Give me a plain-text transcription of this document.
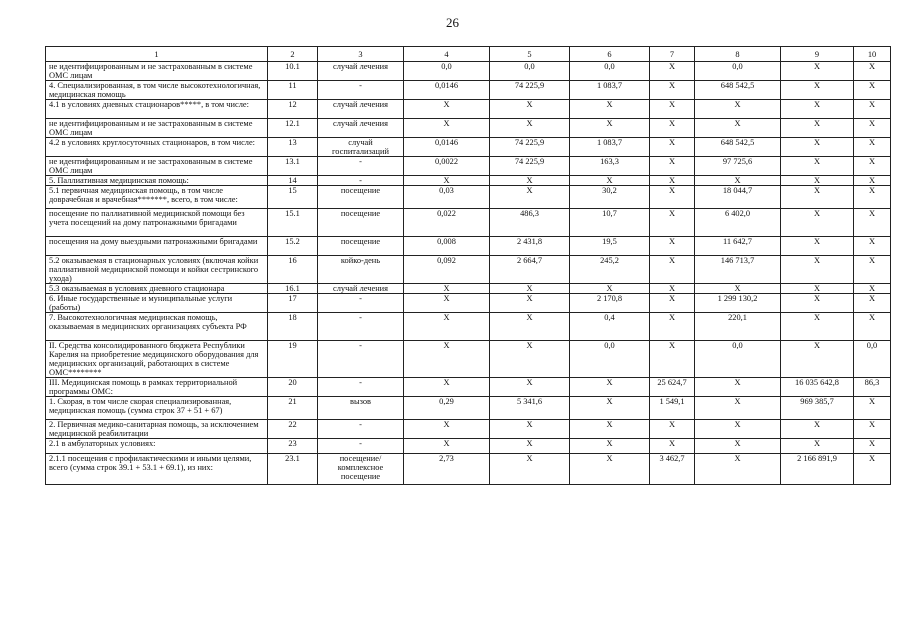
26
1	2	3	4	5	6	7	8	9	10
не идентифицированным и не застрахованным в системе ОМС лицам	10.1	случай лечения	0,0	0,0	0,0	X	0,0	X	X
4. Специализированная, в том числе высокотехнологичная, медицинская помощь	11	-	0,0146	74 225,9	1 083,7	X	648 542,5	X	X
4.1 в условиях дневных стационаров*****, в том числе:	12	случай лечения	X	X	X	X	X	X	X
не идентифицированным и не застрахованным в системе ОМС лицам	12.1	случай лечения	X	X	X	X	X	X	X
4.2 в условиях круглосуточных стационаров, в том числе:	13	случай госпитализаций	0,0146	74 225,9	1 083,7	X	648 542,5	X	X
не идентифицированным и не застрахованным в системе ОМС лицам	13.1	-	0,0022	74 225,9	163,3	X	97 725,6	X	X
5. Паллиативная медицинская помощь:	14	-	X	X	X	X	X	X	X
5.1 первичная медицинская помощь, в том числе доврачебная и врачебная*******, всего, в том числе:	15	посещение	0,03	X	30,2	X	18 044,7	X	X
посещение по паллиативной медицинской помощи без учета посещений на дому патронажными бригадами	15.1	посещение	0,022	486,3	10,7	X	6 402,0	X	X
посещения на дому выездными патронажными бригадами	15.2	посещение	0,008	2 431,8	19,5	X	11 642,7	X	X
5.2 оказываемая в стационарных условиях (включая койки паллиативной медицинской помощи и койки сестринского ухода)	16	койко-день	0,092	2 664,7	245,2	X	146 713,7	X	X
5.3 оказываемая в условиях дневного стационара	16.1	случай лечения	X	X	X	X	X	X	X
6. Иные государственные и муниципальные услуги (работы)	17	-	X	X	2 170,8	X	1 299 130,2	X	X
7. Высокотехнологичная медицинская помощь, оказываемая в медицинских организациях субъекта РФ	18	-	X	X	0,4	X	220,1	X	X
II. Средства консолидированного бюджета Республики Карелия на приобретение медицинского оборудования для медицинских организаций, работающих в системе ОМС********	19	-	X	X	0,0	X	0,0	X	0,0
III. Медицинская помощь в рамках территориальной программы ОМС:	20	-	X	X	X	25 624,7	X	16 035 642,8	86,3
1. Скорая, в том числе скорая специализированная, медицинская помощь (сумма строк 37 + 51 + 67)	21	вызов	0,29	5 341,6	X	1 549,1	X	969 385,7	X
2. Первичная медико-санитарная помощь, за исключением медицинской реабилитации	22	-	X	X	X	X	X	X	X
2.1 в амбулаторных условиях:	23	-	X	X	X	X	X	X	X
2.1.1 посещения с профилактическими и иными целями, всего (сумма строк 39.1 + 53.1 + 69.1), из них:	23.1	посещение/ комплексное посещение	2,73	X	X	3 462,7	X	2 166 891,9	X
